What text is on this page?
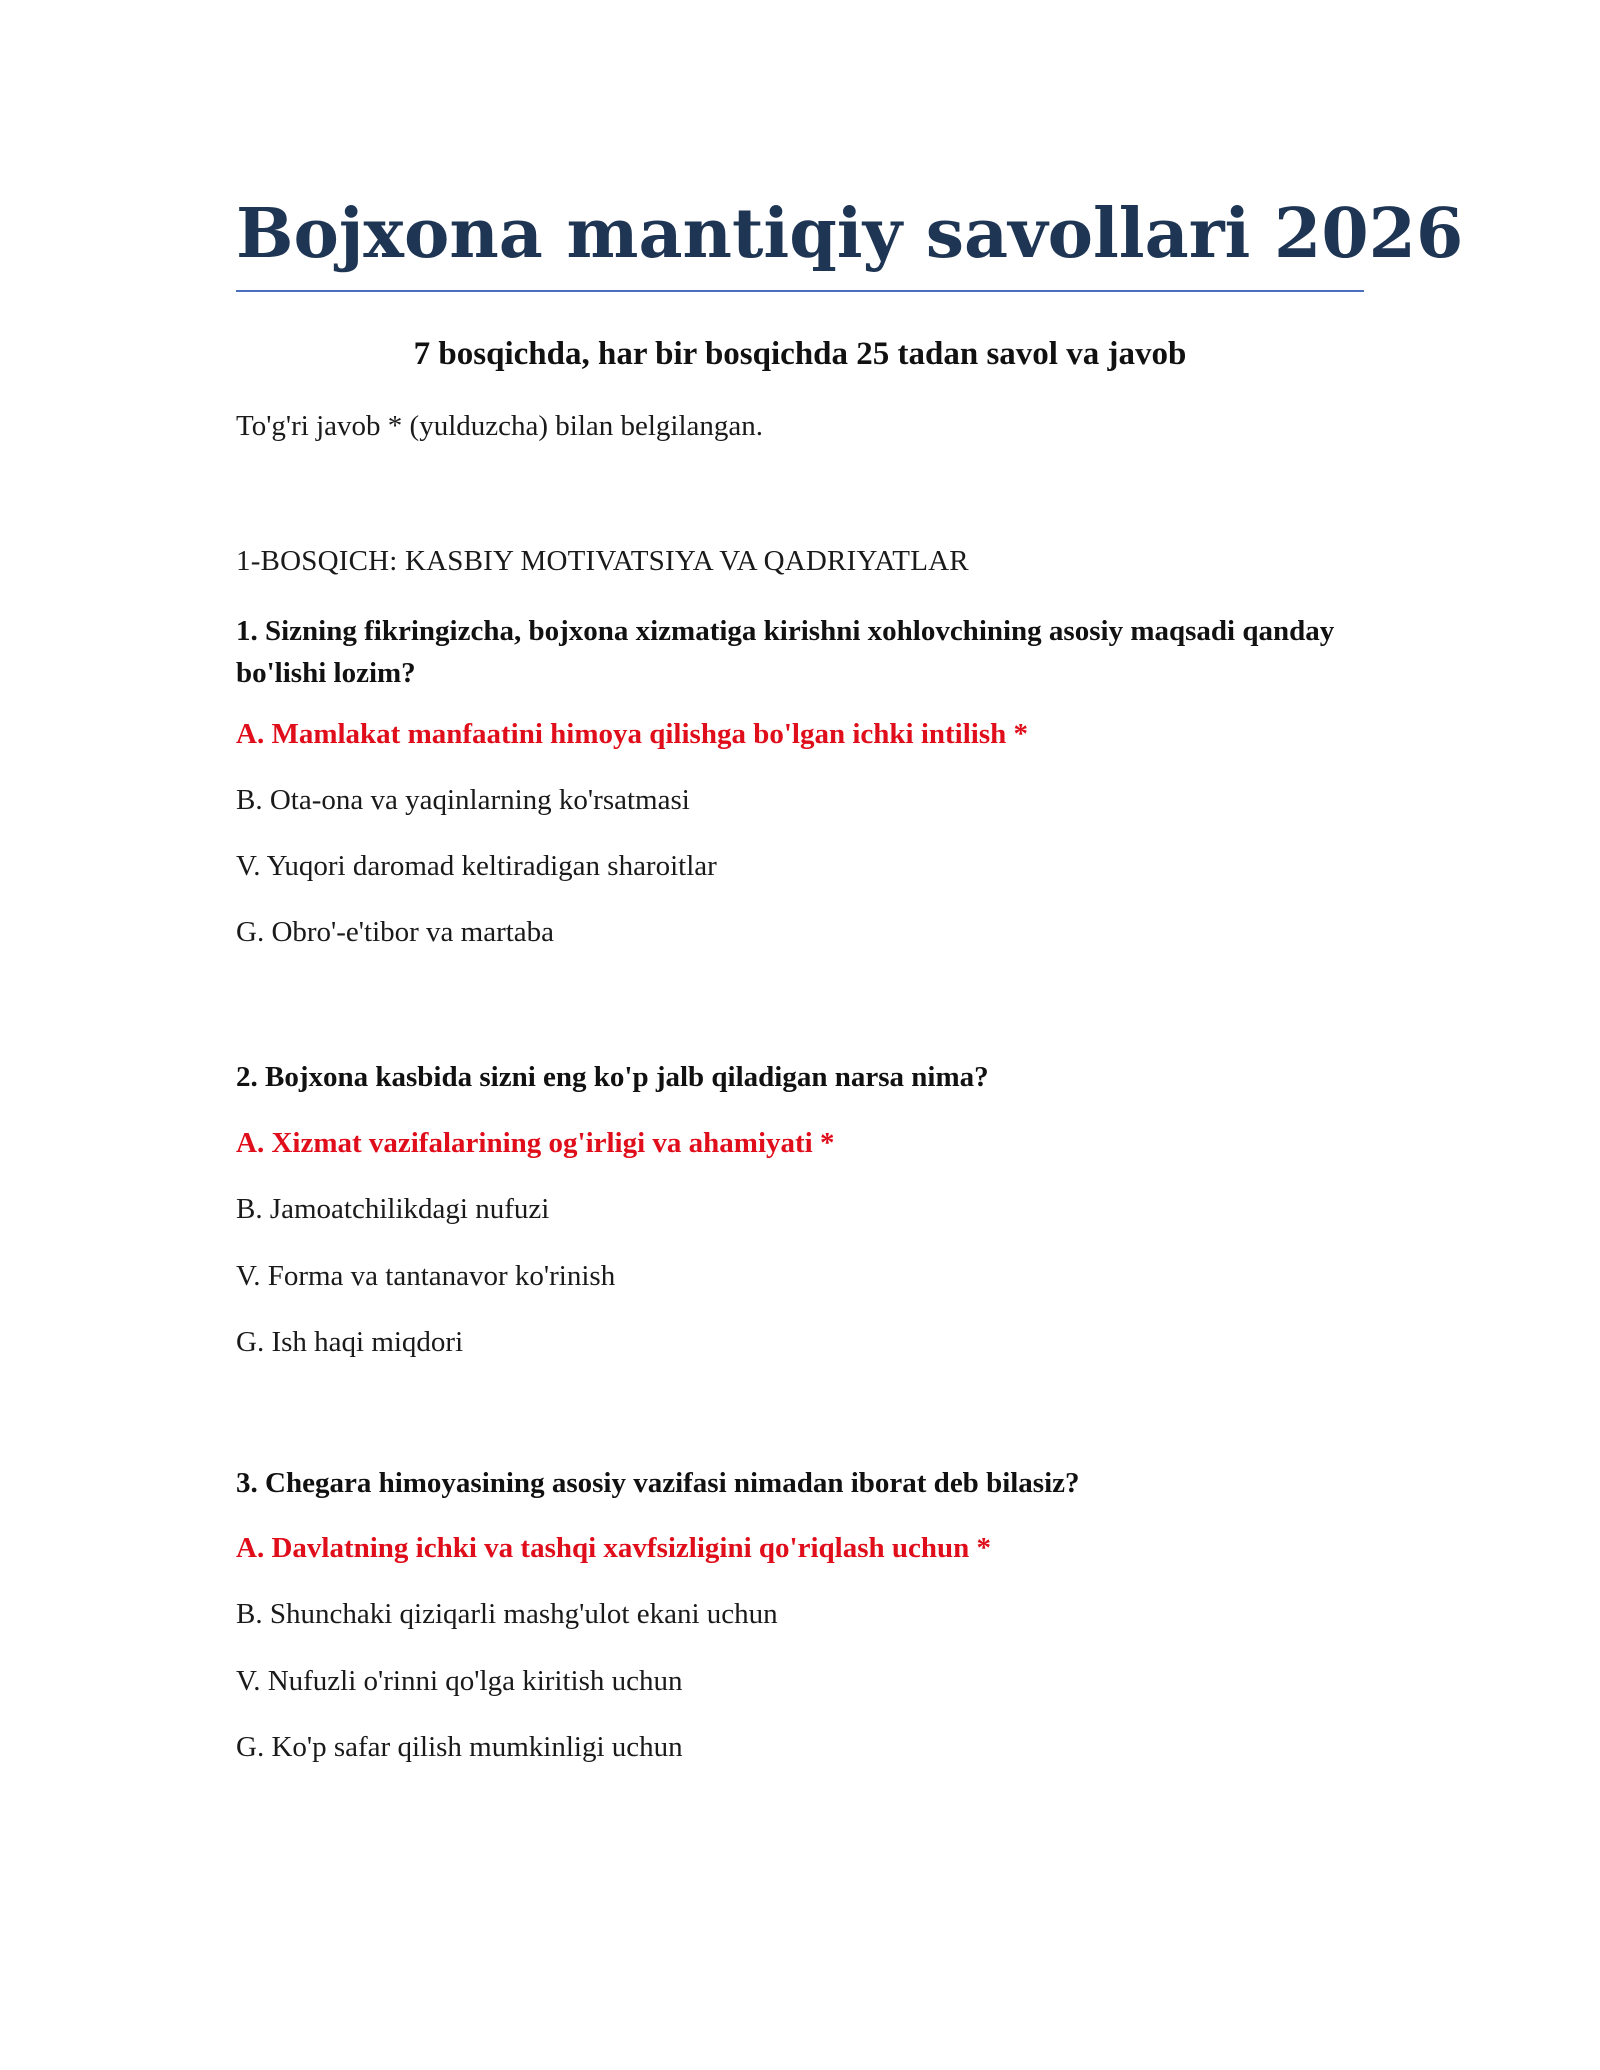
Bojxona mantiqiy savollari 2026
7 bosqichda, har bir bosqichda 25 tadan savol va javob

To'g'ri javob * (yulduzcha) bilan belgilangan.

1-BOSQICH: KASBIY MOTIVATSIYA VA QADRIYATLAR

1. Sizning fikringizcha, bojxona xizmatiga kirishni xohlovchining asosiy maqsadi qanday bo'lishi lozim?

A. Mamlakat manfaatini himoya qilishga bo'lgan ichki intilish *

B. Ota-ona va yaqinlarning ko'rsatmasi

V. Yuqori daromad keltiradigan sharoitlar

G. Obro'-e'tibor va martaba

2. Bojxona kasbida sizni eng ko'p jalb qiladigan narsa nima?

A. Xizmat vazifalarining og'irligi va ahamiyati *

B. Jamoatchilikdagi nufuzi

V. Forma va tantanavor ko'rinish

G. Ish haqi miqdori

3. Chegara himoyasining asosiy vazifasi nimadan iborat deb bilasiz?

A. Davlatning ichki va tashqi xavfsizligini qo'riqlash uchun *

B. Shunchaki qiziqarli mashg'ulot ekani uchun

V. Nufuzli o'rinni qo'lga kiritish uchun

G. Ko'p safar qilish mumkinligi uchun
